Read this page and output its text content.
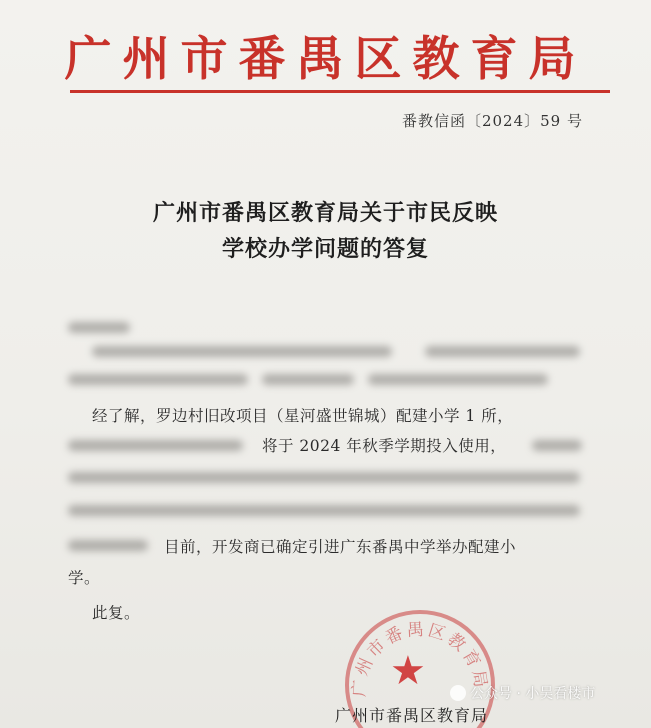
广州市番禺区教育局
番教信函〔2024〕59 号
广州市番禺区教育局关于市民反映
学校办学问题的答复
经了解，罗边村旧改项目（星河盛世锦城）配建小学 1 所，
将于 2024 年秋季学期投入使用，
目前，开发商已确定引进广东番禺中学举办配建小
学。
此复。
广州市番禺区教育局
★
广州市番禺区教育局
公众号 · 小吴看楼市
